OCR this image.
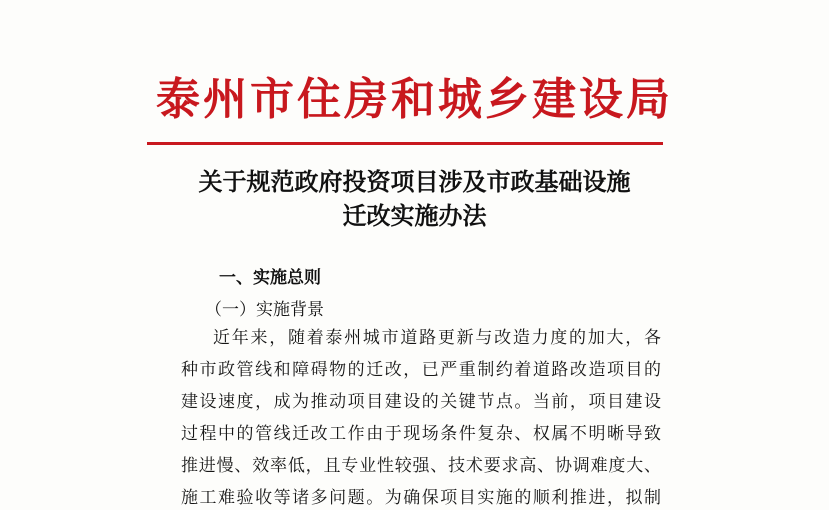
泰州市住房和城乡建设局
关于规范政府投资项目涉及市政基础设施
迁改实施办法
一、实施总则
（一）实施背景
近年来，随着泰州城市道路更新与改造力度的加大，各
种市政管线和障碍物的迁改，已严重制约着道路改造项目的
建设速度，成为推动项目建设的关键节点。当前，项目建设
过程中的管线迁改工作由于现场条件复杂、权属不明晰导致
推进慢、效率低，且专业性较强、技术要求高、协调难度大、
施工难验收等诸多问题。为确保项目实施的顺利推进，拟制
